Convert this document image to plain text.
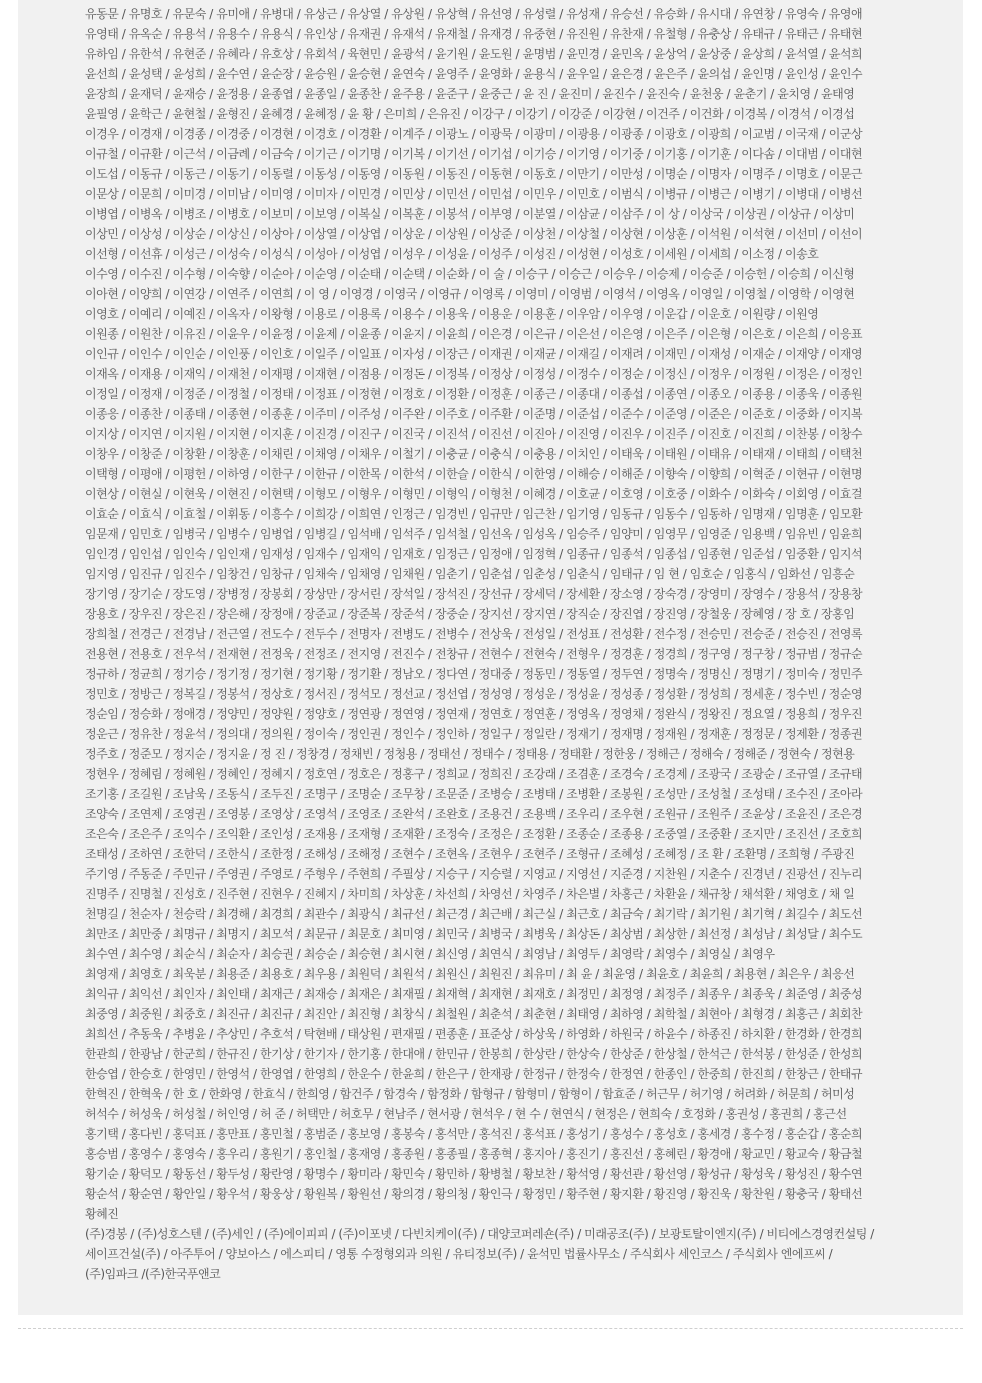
유동문 / 유명호 / 유문숙 / 유미애 / 유병대 / 유상근 / 유상열 / 유상원 / 유상혁 / 유선영 / 유성렬 / 유성재 / 유승선 / 유승화 / 유시대 / 유연창 / 유영숙 / 유영애
유영태 / 유옥순 / 유용석 / 유용수 / 유용식 / 유인상 / 유재권 / 유재석 / 유재철 / 유재경 / 유중현 / 유진원 / 유찬재 / 유철형 / 유충상 / 유태규 / 유태근 / 유태현
유하임 / 유한석 / 유현준 / 유혜라 / 유호상 / 유회석 / 육현민 / 윤광석 / 윤기원 / 윤도원 / 윤명범 / 윤민경 / 윤민옥 / 윤상억 / 윤상중 / 윤상희 / 윤석열 / 윤석희
윤선희 / 윤성택 / 윤성희 / 윤수연 / 윤순장 / 윤승원 / 윤승현 / 윤연숙 / 윤영주 / 윤영화 / 윤용식 / 윤우일 / 윤은경 / 윤은주 / 윤의섭 / 윤인명 / 윤인성 / 윤인수
윤장희 / 윤재덕 / 윤재승 / 윤정용 / 윤종엽 / 윤종일 / 윤종찬 / 윤주용 / 윤준구 / 윤중근 / 윤 진 / 윤진미 / 윤진수 / 윤진숙 / 윤천웅 / 윤춘기 / 윤치영 / 윤태영
윤필영 / 윤학근 / 윤현철 / 윤형진 / 윤혜경 / 윤혜정 / 윤 황 / 은미희 / 은유진 / 이강구 / 이강기 / 이강준 / 이강현 / 이건주 / 이건화 / 이경복 / 이경석 / 이경섭
이경우 / 이경재 / 이경종 / 이경중 / 이경현 / 이경호 / 이경환 / 이계주 / 이광노 / 이광묵 / 이광미 / 이광용 / 이광종 / 이광호 / 이광희 / 이교범 / 이국재 / 이군상
이규철 / 이규환 / 이근석 / 이금례 / 이금숙 / 이기근 / 이기명 / 이기복 / 이기선 / 이기섭 / 이기승 / 이기영 / 이기중 / 이기홍 / 이기훈 / 이다솜 / 이대범 / 이대현
이도섭 / 이동규 / 이동근 / 이동기 / 이동렬 / 이동성 / 이동영 / 이동원 / 이동진 / 이동현 / 이동호 / 이만기 / 이만성 / 이명순 / 이명자 / 이명주 / 이명호 / 이문근
이문상 / 이문희 / 이미경 / 이미남 / 이미영 / 이미자 / 이민경 / 이민상 / 이민선 / 이민섭 / 이민우 / 이민호 / 이범식 / 이병규 / 이병근 / 이병기 / 이병대 / 이병선
이병엽 / 이병옥 / 이병조 / 이병호 / 이보미 / 이보영 / 이복실 / 이복훈 / 이봉석 / 이부영 / 이분열 / 이삼균 / 이삼주 / 이 상 / 이상국 / 이상권 / 이상규 / 이상미
이상민 / 이상성 / 이상순 / 이상신 / 이상아 / 이상열 / 이상엽 / 이상운 / 이상원 / 이상준 / 이상천 / 이상철 / 이상현 / 이상훈 / 이석원 / 이석현 / 이선미 / 이선이
이선형 / 이선휴 / 이성근 / 이성숙 / 이성식 / 이성아 / 이성엽 / 이성우 / 이성윤 / 이성주 / 이성진 / 이성현 / 이성호 / 이세원 / 이세희 / 이소정 / 이송호
이수영 / 이수진 / 이수형 / 이숙향 / 이순아 / 이순영 / 이순태 / 이순택 / 이순화 / 이 술 / 이승구 / 이승근 / 이승우 / 이승제 / 이승준 / 이승헌 / 이승희 / 이신형
이아현 / 이양희 / 이연강 / 이연주 / 이연희 / 이 영 / 이영경 / 이영국 / 이영규 / 이영록 / 이영미 / 이영범 / 이영석 / 이영옥 / 이영일 / 이영철 / 이영학 / 이영현
이영호 / 이예리 / 이예진 / 이옥자 / 이왕형 / 이용로 / 이용록 / 이용수 / 이용욱 / 이용운 / 이용훈 / 이우암 / 이우영 / 이운갑 / 이운호 / 이원량 / 이원영
이원종 / 이원찬 / 이유진 / 이윤우 / 이윤정 / 이윤제 / 이윤종 / 이윤지 / 이윤희 / 이은경 / 이은규 / 이은선 / 이은영 / 이은주 / 이은형 / 이은호 / 이은희 / 이응표
이인규 / 이인수 / 이인순 / 이인풍 / 이인호 / 이일주 / 이일표 / 이자성 / 이장근 / 이재권 / 이재균 / 이재길 / 이재려 / 이재민 / 이재성 / 이재순 / 이재양 / 이재영
이재옥 / 이재용 / 이재익 / 이재천 / 이재평 / 이재현 / 이점용 / 이정돈 / 이정복 / 이정상 / 이정성 / 이정수 / 이정순 / 이정신 / 이정우 / 이정원 / 이정은 / 이정인
이정일 / 이정재 / 이정준 / 이정철 / 이정태 / 이정표 / 이정현 / 이정호 / 이정환 / 이정훈 / 이종근 / 이종대 / 이종섭 / 이종연 / 이종오 / 이종용 / 이종욱 / 이종원
이종응 / 이종찬 / 이종태 / 이종현 / 이종훈 / 이주미 / 이주성 / 이주완 / 이주호 / 이주환 / 이준명 / 이준섭 / 이준수 / 이준영 / 이준은 / 이준호 / 이중화 / 이지복
이지상 / 이지연 / 이지원 / 이지현 / 이지훈 / 이진경 / 이진구 / 이진국 / 이진석 / 이진선 / 이진아 / 이진영 / 이진우 / 이진주 / 이진호 / 이진희 / 이찬봉 / 이창수
이창우 / 이창준 / 이창환 / 이창훈 / 이채린 / 이채영 / 이채우 / 이철기 / 이충균 / 이충식 / 이충용 / 이치인 / 이태욱 / 이태원 / 이태유 / 이태재 / 이태희 / 이택천
이택형 / 이평애 / 이평헌 / 이하영 / 이한구 / 이한규 / 이한목 / 이한석 / 이한슬 / 이한식 / 이한영 / 이해승 / 이해준 / 이향숙 / 이향희 / 이혁준 / 이현규 / 이현명
이현상 / 이현실 / 이현욱 / 이현진 / 이현택 / 이형모 / 이형우 / 이형민 / 이형익 / 이형천 / 이혜경 / 이호균 / 이호영 / 이호중 / 이화수 / 이화숙 / 이회영 / 이효걸
이효순 / 이효식 / 이효철 / 이휘동 / 이흥수 / 이희강 / 이희연 / 인정근 / 임경빈 / 임규만 / 임근찬 / 임기영 / 임동규 / 임동수 / 임동하 / 임명재 / 임명훈 / 임모환
임문재 / 임민호 / 임병국 / 임병수 / 임병업 / 임병길 / 임석배 / 임석주 / 임석철 / 임선옥 / 임성옥 / 임승주 / 임양미 / 임영무 / 임영준 / 임용백 / 임유빈 / 임윤희
임인경 / 임인섭 / 임인숙 / 임인재 / 임재성 / 임재수 / 임재익 / 임재호 / 임정근 / 임정애 / 임정혁 / 임종규 / 임종석 / 임종섭 / 임종현 / 임준섭 / 임중환 / 임지석
임지영 / 임진규 / 임진수 / 임창건 / 임창규 / 임채숙 / 임채영 / 임채원 / 임춘기 / 임춘섭 / 임춘성 / 임춘식 / 임태규 / 임 현 / 임호순 / 임홍식 / 임화선 / 임흥순
장기영 / 장기순 / 장도영 / 장병정 / 장봉회 / 장상만 / 장서린 / 장석일 / 장석진 / 장선규 / 장세덕 / 장세환 / 장소영 / 장숙경 / 장영미 / 장영수 / 장용석 / 장용창
장용호 / 장우진 / 장은진 / 장은해 / 장정애 / 장준교 / 장준복 / 장준석 / 장중순 / 장지선 / 장지연 / 장직순 / 장진엽 / 장진영 / 장철웅 / 장혜영 / 장 호 / 장홍임
장희철 / 전경근 / 전경남 / 전근열 / 전도수 / 전두수 / 전명자 / 전병도 / 전병수 / 전상욱 / 전성일 / 전성표 / 전성환 / 전수정 / 전승민 / 전승준 / 전승진 / 전영록
전용현 / 전용호 / 전우석 / 전재현 / 전정욱 / 전정조 / 전지영 / 전진수 / 전창규 / 전현수 / 전현숙 / 전형우 / 정경훈 / 정경희 / 정구영 / 정구창 / 정규범 / 정규순
정규하 / 정균희 / 정기승 / 정기정 / 정기현 / 정기황 / 정기환 / 정남오 / 정다연 / 정대중 / 정동민 / 정동열 / 정두연 / 정명숙 / 정명신 / 정명기 / 정미숙 / 정민주
정민호 / 정방근 / 정복길 / 정봉석 / 정상호 / 정서진 / 정석모 / 정선교 / 정선엽 / 정성영 / 정성운 / 정성윤 / 정성종 / 정성환 / 정성희 / 정세훈 / 정수빈 / 정순영
정순임 / 정승화 / 정애경 / 정양민 / 정양원 / 정양호 / 정연광 / 정연영 / 정연재 / 정연호 / 정연훈 / 정영옥 / 정영채 / 정완식 / 정왕진 / 정요열 / 정용희 / 정우진
정운근 / 정유찬 / 정윤석 / 정의대 / 정의원 / 정이숙 / 정인권 / 정인수 / 정인하 / 정일구 / 정일란 / 정재기 / 정재명 / 정재원 / 정재훈 / 정정문 / 정제환 / 정종권
정주호 / 정준모 / 정지순 / 정지윤 / 정 진 / 정창경 / 정채빈 / 정청용 / 정태선 / 정태수 / 정태용 / 정태환 / 정한웅 / 정해근 / 정해숙 / 정해준 / 정현숙 / 정현용
정현우 / 정혜림 / 정혜원 / 정혜인 / 정혜지 / 정호연 / 정호은 / 정홍구 / 정희교 / 정희진 / 조강래 / 조겸훈 / 조경숙 / 조경제 / 조광국 / 조광순 / 조규열 / 조규태
조기홍 / 조길원 / 조남욱 / 조동식 / 조두진 / 조명구 / 조명순 / 조무창 / 조문준 / 조병승 / 조병태 / 조병환 / 조봉원 / 조성만 / 조성철 / 조성태 / 조수진 / 조아라
조양숙 / 조연제 / 조영권 / 조영봉 / 조영상 / 조영석 / 조영조 / 조완석 / 조완호 / 조용건 / 조용백 / 조우리 / 조우현 / 조원규 / 조원주 / 조윤상 / 조윤진 / 조은경
조은숙 / 조은주 / 조익수 / 조익환 / 조인성 / 조재용 / 조재형 / 조재환 / 조정숙 / 조정은 / 조정환 / 조종순 / 조종용 / 조중열 / 조중환 / 조지만 / 조진선 / 조호희
조태성 / 조하연 / 조한덕 / 조한식 / 조한정 / 조해성 / 조해정 / 조현수 / 조현옥 / 조현우 / 조현주 / 조형규 / 조혜성 / 조혜정 / 조 환 / 조환명 / 조희형 / 주광진
주기영 / 주동준 / 주민규 / 주영권 / 주영로 / 주형우 / 주현희 / 주필상 / 지승구 / 지승렬 / 지영교 / 지영선 / 지준경 / 지찬원 / 지춘수 / 진경년 / 진광선 / 진누리
진명주 / 진명철 / 진성호 / 진주현 / 진현우 / 진혜지 / 차미희 / 차상훈 / 차선희 / 차영선 / 차영주 / 차은별 / 차홍근 / 차환윤 / 채규창 / 채석환 / 채영호 / 채 일
천명길 / 천순자 / 천승락 / 최경해 / 최경희 / 최관수 / 최광식 / 최규선 / 최근경 / 최근배 / 최근실 / 최근호 / 최금숙 / 최기락 / 최기원 / 최기혁 / 최길수 / 최도선
최만조 / 최만중 / 최명규 / 최명지 / 최모석 / 최문규 / 최문호 / 최미영 / 최민국 / 최병국 / 최병욱 / 최상돈 / 최상범 / 최상한 / 최선정 / 최성남 / 최성달 / 최수도
최수연 / 최수영 / 최순식 / 최순자 / 최승권 / 최승순 / 최승현 / 최시현 / 최신영 / 최연식 / 최영남 / 최영두 / 최영락 / 최영수 / 최영실 / 최영우
최영재 / 최영호 / 최욱분 / 최용준 / 최용호 / 최우용 / 최원덕 / 최원석 / 최원신 / 최원진 / 최유미 / 최 윤 / 최윤영 / 최윤호 / 최윤희 / 최용현 / 최은우 / 최응선
최익규 / 최익선 / 최인자 / 최인태 / 최재근 / 최재승 / 최재은 / 최재필 / 최재혁 / 최재현 / 최재호 / 최정민 / 최정영 / 최정주 / 최종우 / 최종욱 / 최준영 / 최중성
최중영 / 최중원 / 최중호 / 최진규 / 최진규 / 최진안 / 최진형 / 최창식 / 최철원 / 최춘석 / 최춘현 / 최태영 / 최하영 / 최학철 / 최현아 / 최형경 / 최홍근 / 최회찬
최희선 / 추동욱 / 추병윤 / 추상민 / 추호석 / 탁현배 / 태상원 / 편재필 / 편종훈 / 표준상 / 하상욱 / 하영화 / 하원국 / 하윤수 / 하종진 / 하치환 / 한경화 / 한경희
한관희 / 한광남 / 한군희 / 한규진 / 한기상 / 한기자 / 한기홍 / 한대애 / 한민규 / 한봉희 / 한상란 / 한상숙 / 한상준 / 한상철 / 한석근 / 한석봉 / 한성준 / 한성희
한승엽 / 한승호 / 한영민 / 한영석 / 한영엽 / 한영희 / 한운수 / 한윤희 / 한은구 / 한재광 / 한정규 / 한정숙 / 한정연 / 한종인 / 한중희 / 한진희 / 한창근 / 한태규
한혁진 / 한혁욱 / 한 호 / 한화영 / 한효식 / 한희영 / 함건주 / 함경숙 / 함정화 / 함형규 / 함형미 / 함형이 / 함효준 / 허근무 / 허기영 / 허려화 / 허문희 / 허미성
허석수 / 허성욱 / 허성철 / 허인영 / 허 준 / 허택만 / 허호무 / 현남주 / 현서광 / 현석우 / 현 수 / 현연식 / 현정은 / 현희숙 / 호정화 / 홍권성 / 홍권희 / 홍근선
홍기택 / 홍다빈 / 홍덕표 / 홍만표 / 홍민철 / 홍범준 / 홍보영 / 홍봉숙 / 홍석만 / 홍석진 / 홍석표 / 홍성기 / 홍성수 / 홍성호 / 홍세경 / 홍수정 / 홍순갑 / 홍순희
홍승범 / 홍영수 / 홍영숙 / 홍우리 / 홍원기 / 홍인철 / 홍재영 / 홍종원 / 홍종필 / 홍종혁 / 홍지아 / 홍진기 / 홍진선 / 홍혜린 / 황경애 / 황교민 / 황교숙 / 황금철
황기순 / 황덕모 / 황동선 / 황두성 / 황란영 / 황명수 / 황미라 / 황민숙 / 황민하 / 황병철 / 황보찬 / 황석영 / 황선관 / 황선영 / 황성규 / 황성욱 / 황성진 / 황수연
황순석 / 황순연 / 황안일 / 황우석 / 황웅상 / 황원복 / 황원선 / 황의경 / 황의청 / 황인극 / 황정민 / 황주현 / 황지환 / 황진영 / 황진욱 / 황찬원 / 황충국 / 황태선
황혜진
(주)경봉 / (주)성호스텐 / (주)세인 / (주)에이피피 / (주)이포넷 / 다빈치케이(주) / 대양코퍼레숀(주) / 미래공조(주) / 보광토탈이엔지(주) / 비티에스경영컨설팅 /
세이프건설(주) / 아주투어 / 양보아스 / 에스피티 / 영통 수정형외과 의원 / 유티정보(주) / 윤석민 법률사무소 / 주식회사 세인코스 / 주식회사 엔에프씨 /
(주)임파크 /(주)한국푸앤코
